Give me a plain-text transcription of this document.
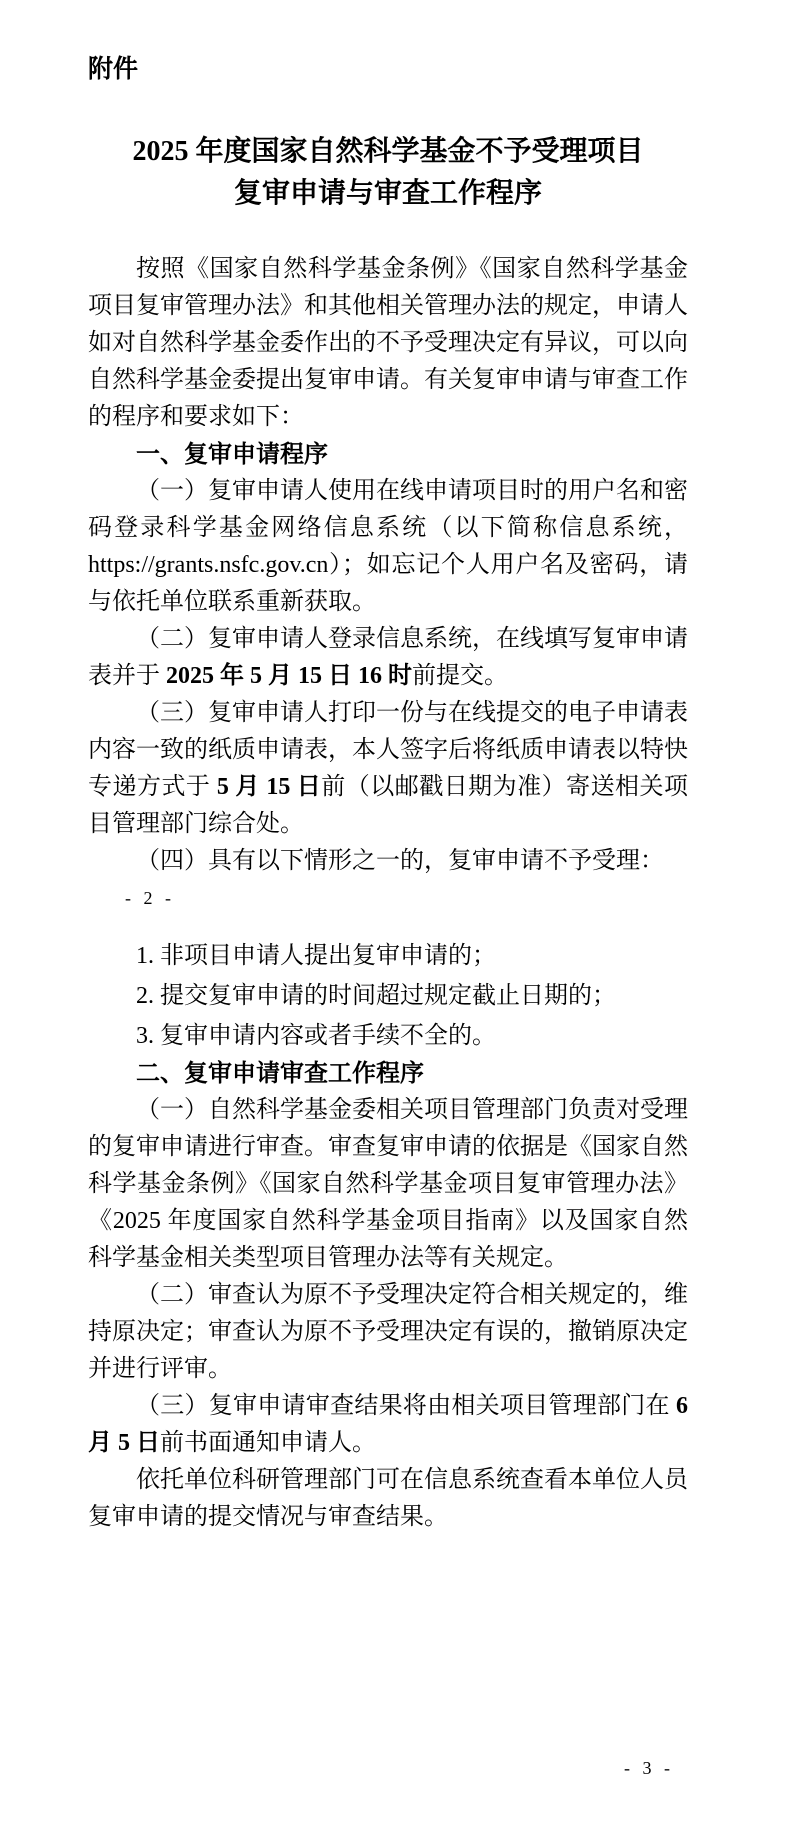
附件
2025 年度国家自然科学基金不予受理项目
复审申请与审查工作程序

按照《国家自然科学基金条例》《国家自然科学基金项目复审管理办法》和其他相关管理办法的规定，申请人如对自然科学基金委作出的不予受理决定有异议，可以向自然科学基金委提出复审申请。有关复审申请与审查工作的程序和要求如下：

一、复审申请程序

（一）复审申请人使用在线申请项目时的用户名和密码登录科学基金网络信息系统（以下简称信息系统，https://grants.nsfc.gov.cn）；如忘记个人用户名及密码，请与依托单位联系重新获取。

（二）复审申请人登录信息系统，在线填写复审申请表并于 2025 年 5 月 15 日 16 时前提交。

（三）复审申请人打印一份与在线提交的电子申请表内容一致的纸质申请表，本人签字后将纸质申请表以特快专递方式于 5 月 15 日前（以邮戳日期为准）寄送相关项目管理部门综合处。

（四）具有以下情形之一的，复审申请不予受理：

1. 非项目申请人提出复审申请的；

2. 提交复审申请的时间超过规定截止日期的；

3. 复审申请内容或者手续不全的。

二、复审申请审查工作程序

（一）自然科学基金委相关项目管理部门负责对受理的复审申请进行审查。审查复审申请的依据是《国家自然科学基金条例》《国家自然科学基金项目复审管理办法》《2025 年度国家自然科学基金项目指南》以及国家自然科学基金相关类型项目管理办法等有关规定。

（二）审查认为原不予受理决定符合相关规定的，维持原决定；审查认为原不予受理决定有误的，撤销原决定并进行评审。

（三）复审申请审查结果将由相关项目管理部门在 6 月 5 日前书面通知申请人。

依托单位科研管理部门可在信息系统查看本单位人员复审申请的提交情况与审查结果。

- 2 -
- 3 -
